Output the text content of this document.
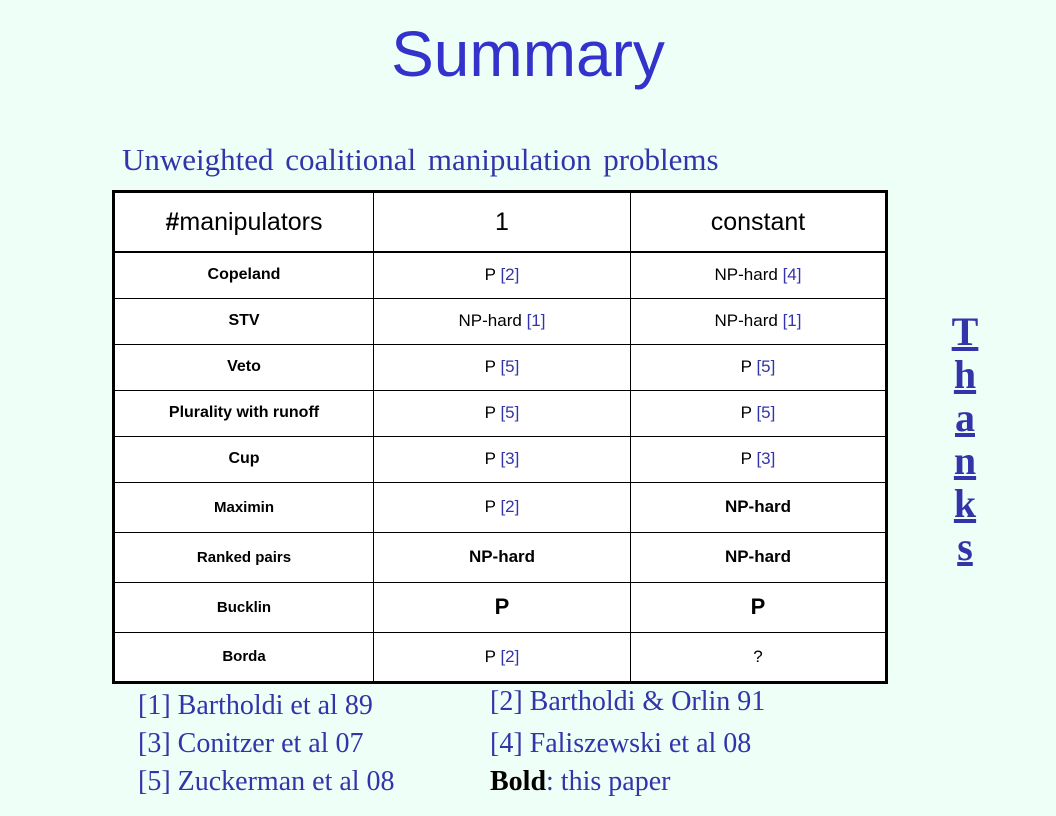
Summary
Unweighted coalitional manipulation problems
#manipulators	1	constant
Copeland	P [2]	NP-hard [4]
STV	NP-hard [1]	NP-hard [1]
Veto	P [5]	P [5]
Plurality with runoff	P [5]	P [5]
Cup	P [3]	P [3]
Maximin	P [2]	NP-hard
Ranked pairs	NP-hard	NP-hard
Bucklin	P	P
Borda	P [2]	?
T
h
a
n
k
s
[1] Bartholdi et al 89	[2] Bartholdi & Orlin 91
[3] Conitzer et al 07	[4] Faliszewski et al 08
[5] Zuckerman et al 08	Bold: this paper
